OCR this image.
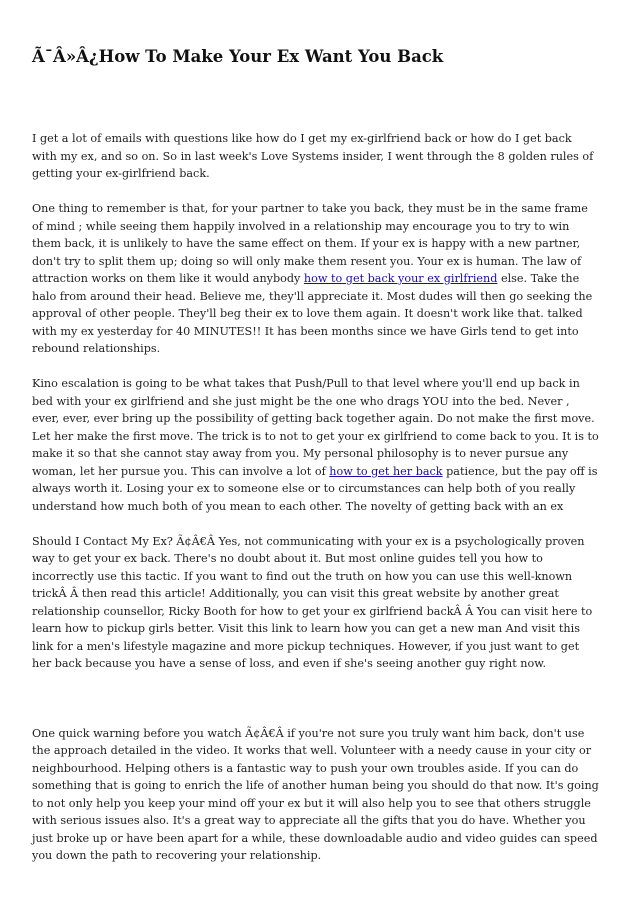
Ã¯Â»Â¿How To Make Your Ex Want You Back

I get a lot of emails with questions like how do I get my ex-girlfriend back or how do I get back with my ex, and so on. So in last week's Love Systems insider, I went through the 8 golden rules of getting your ex-girlfriend back.

One thing to remember is that, for your partner to take you back, they must be in the same frame of mind ; while seeing them happily involved in a relationship may encourage you to try to win them back, it is unlikely to have the same effect on them. If your ex is happy with a new partner, don't try to split them up; doing so will only make them resent you. Your ex is human. The law of attraction works on them like it would anybody how to get back your ex girlfriend else. Take the halo from around their head. Believe me, they'll appreciate it. Most dudes will then go seeking the approval of other people. They'll beg their ex to love them again. It doesn't work like that. talked with my ex yesterday for 40 MINUTES!! It has been months since we have Girls tend to get into rebound relationships.

Kino escalation is going to be what takes that Push/Pull to that level where you'll end up back in bed with your ex girlfriend and she just might be the one who drags YOU into the bed. Never , ever, ever, ever bring up the possibility of getting back together again. Do not make the first move. Let her make the first move. The trick is to not to get your ex girlfriend to come back to you. It is to make it so that she cannot stay away from you. My personal philosophy is to never pursue any woman, let her pursue you. This can involve a lot of how to get her back patience, but the pay off is always worth it. Losing your ex to someone else or to circumstances can help both of you really understand how much both of you mean to each other. The novelty of getting back with an ex

Should I Contact My Ex? Ã¢Â€Â Yes, not communicating with your ex is a psychologically proven way to get your ex back. There's no doubt about it. But most online guides tell you how to incorrectly use this tactic. If you want to find out the truth on how you can use this well-known trickÂ Â then read this article! Additionally, you can visit this great website by another great relationship counsellor, Ricky Booth for how to get your ex girlfriend backÂ Â You can visit here to learn how to pickup girls better. Visit this link to learn how you can get a new man And visit this link for a men's lifestyle magazine and more pickup techniques. However, if you just want to get her back because you have a sense of loss, and even if she's seeing another guy right now.

One quick warning before you watch Ã¢Â€Â if you're not sure you truly want him back, don't use the approach detailed in the video. It works that well. Volunteer with a needy cause in your city or neighbourhood. Helping others is a fantastic way to push your own troubles aside. If you can do something that is going to enrich the life of another human being you should do that now. It's going to not only help you keep your mind off your ex but it will also help you to see that others struggle with serious issues also. It's a great way to appreciate all the gifts that you do have. Whether you just broke up or have been apart for a while, these downloadable audio and video guides can speed you down the path to recovering your relationship.
